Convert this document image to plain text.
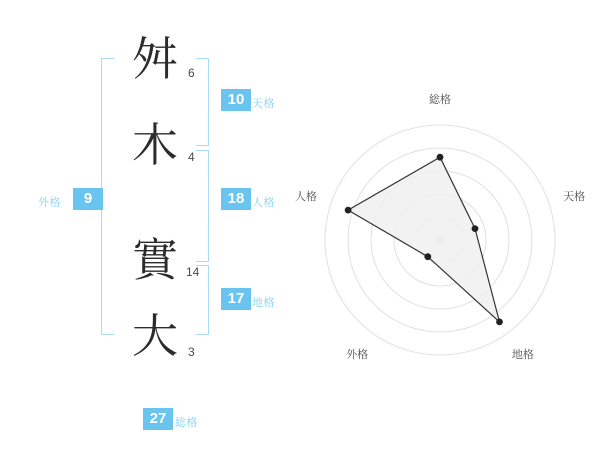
舛
木
實
大
6
4
14
3
10 天格
18 人格
17 地格
9
外格
27 総格
総格
天格
地格
外格
人格
